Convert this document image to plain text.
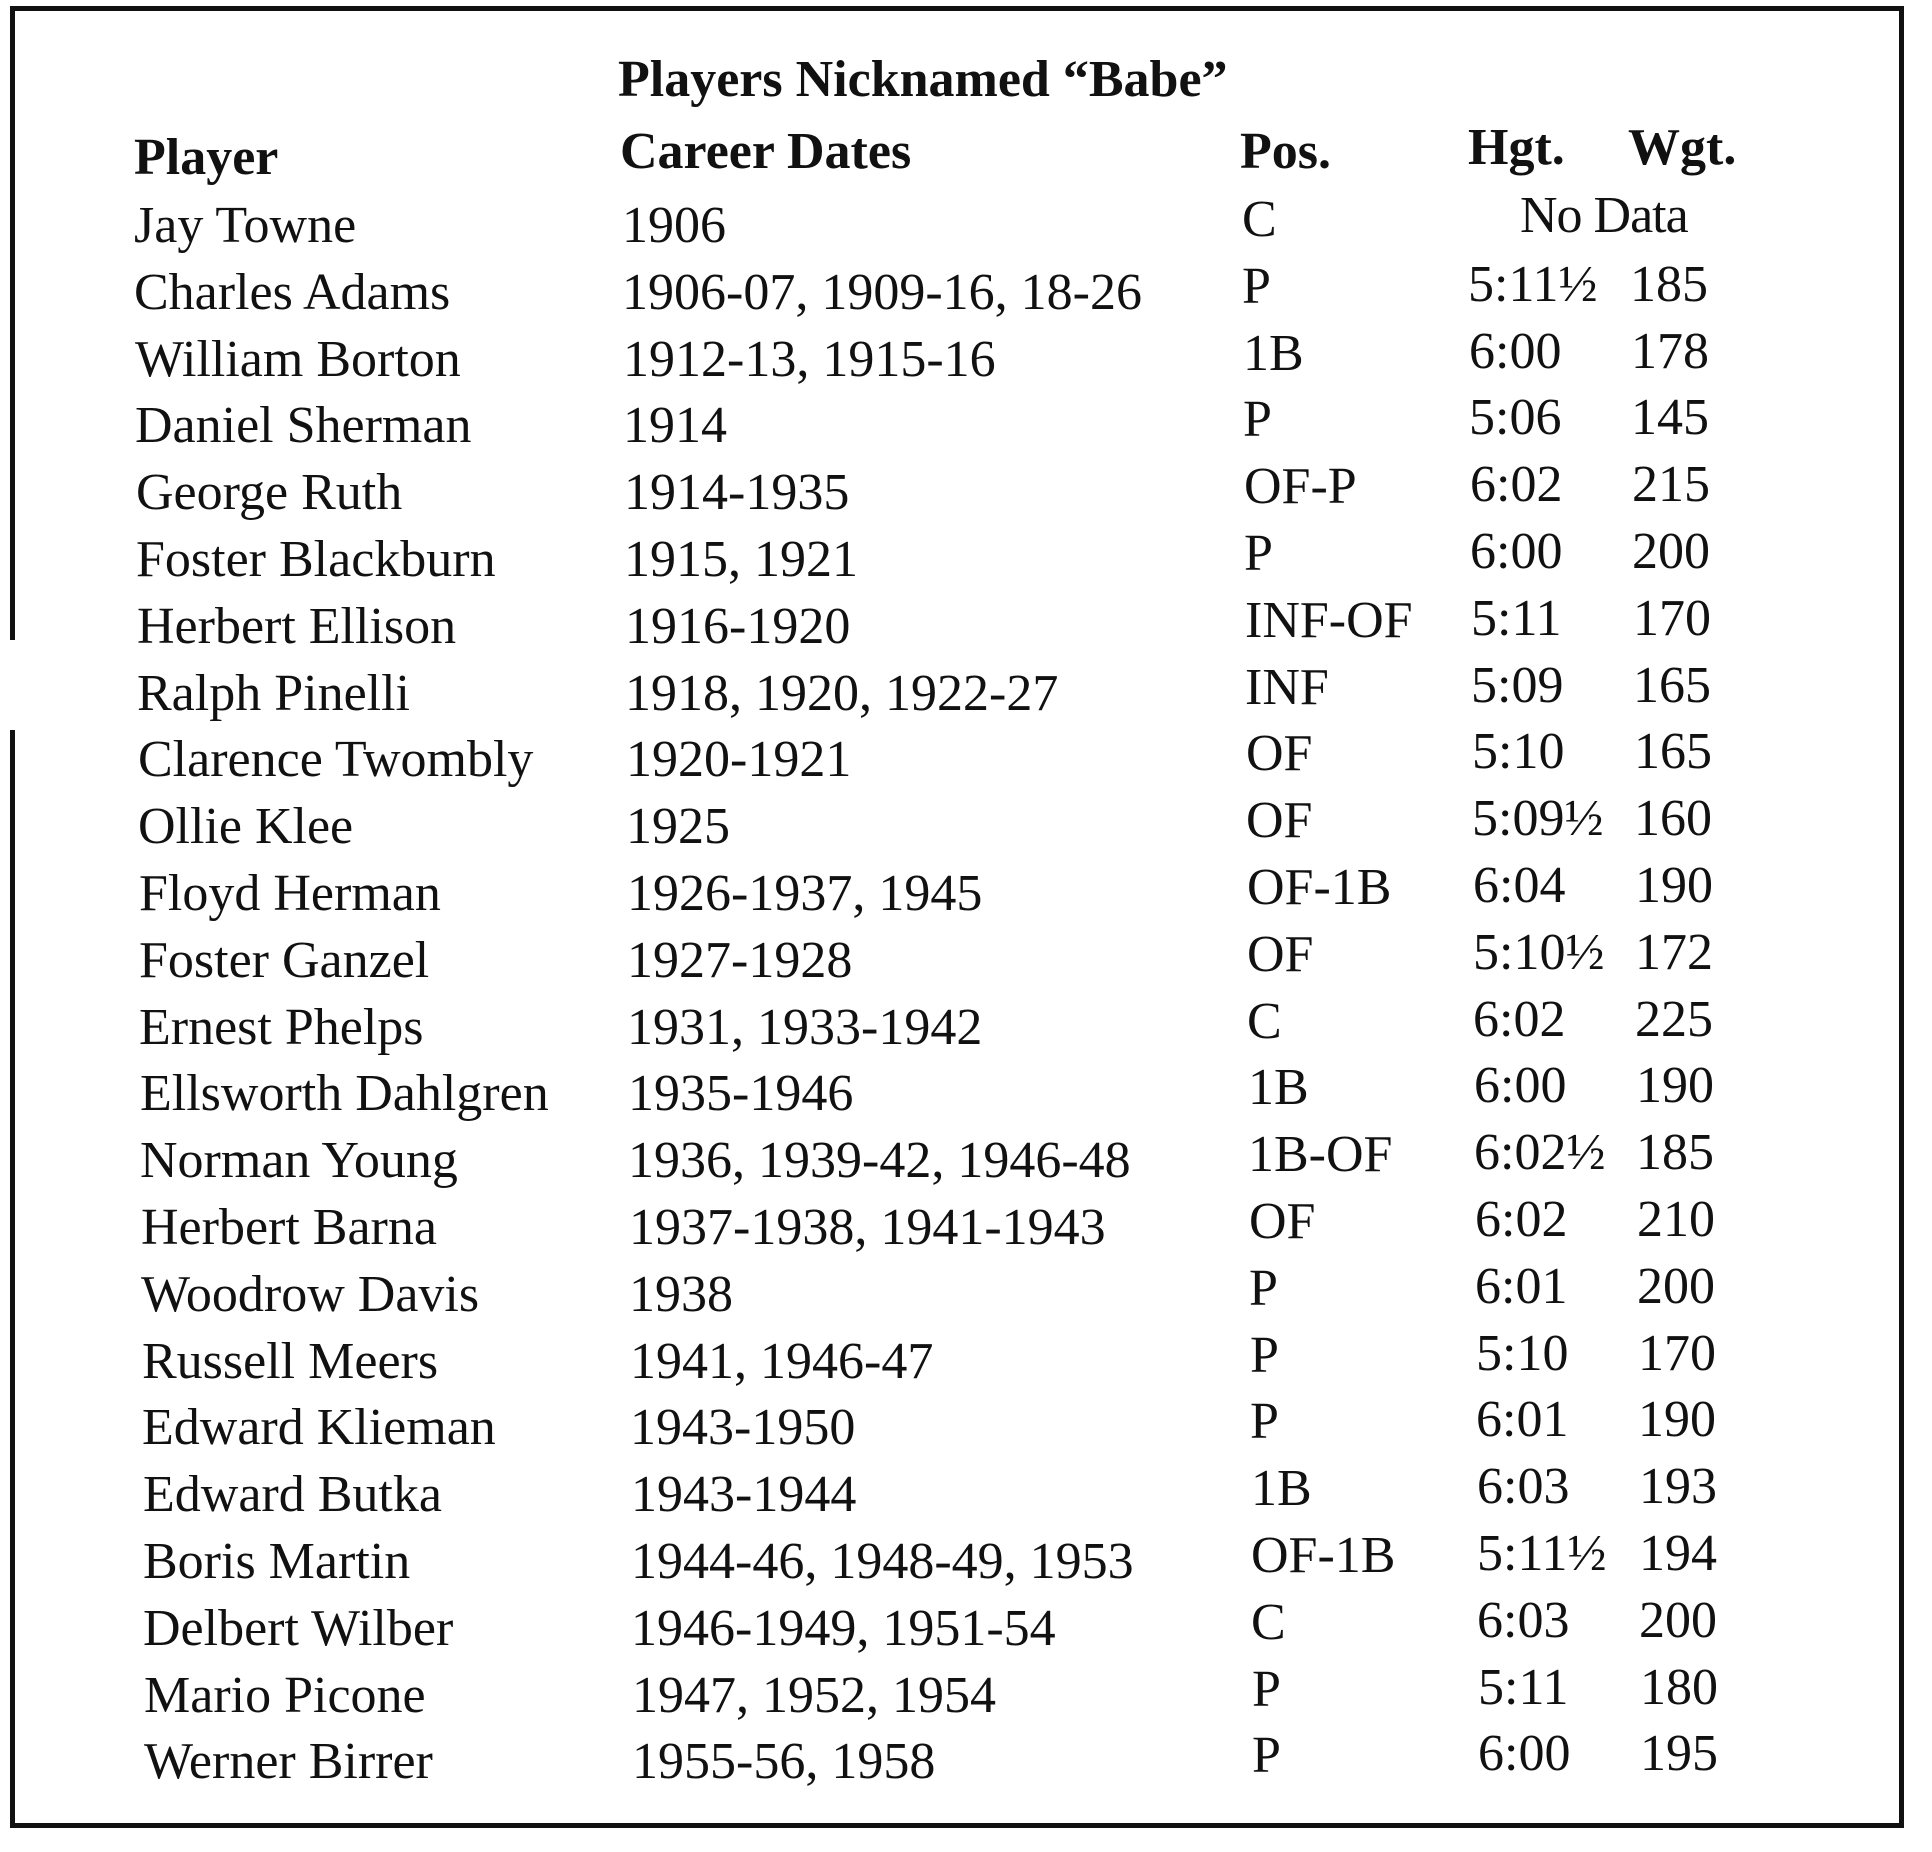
Players Nicknamed “Babe”
Player	Career Dates	Pos.	Hgt. Wgt.
Jay Towne	1906	C	No Data
Charles Adams	1906-07, 1909-16, 18-26 P	5:11½ 185
William Borton	1912-13, 1915-16	1B	6:00 178
Daniel Sherman	1914	P	5:06 145
George Ruth	1914-1935	OF-P 6:02 215
Foster Blackburn 1915, 1921	P	6:00 200
Herbert Ellison	1916-1920	INF-OF 5:11 170
Ralph Pinelli	1918, 1920, 1922-27	INF	5:09 165
Clarence Twombly 1920-1921	OF	5:10 165
Ollie Klee	1925	OF	5:09½ 160
Floyd Herman	1926-1937, 1945	OF-1B 6:04 190
Foster Ganzel	1927-1928	OF	5:10½ 172
Ernest Phelps	1931, 1933-1942	C	6:02 225
Ellsworth Dahlgren 1935-1946	1B	6:00 190
Norman Young	1936, 1939-42, 1946-48 1B-OF 6:02½ 185
Herbert Barna	1937-1938, 1941-1943	OF	6:02 210
Woodrow Davis	1938	P	6:01 200
Russell Meers	1941, 1946-47	P	5:10 170
Edward Klieman	1943-1950	P	6:01 190
Edward Butka	1943-1944	1B	6:03 193
Boris Martin	1944-46, 1948-49, 1953 OF-1B 5:11½ 194
Delbert Wilber	1946-1949, 1951-54	C	6:03 200
Mario Picone	1947, 1952, 1954	P	5:11 180
Werner Birrer	1955-56, 1958	P	6:00 195
